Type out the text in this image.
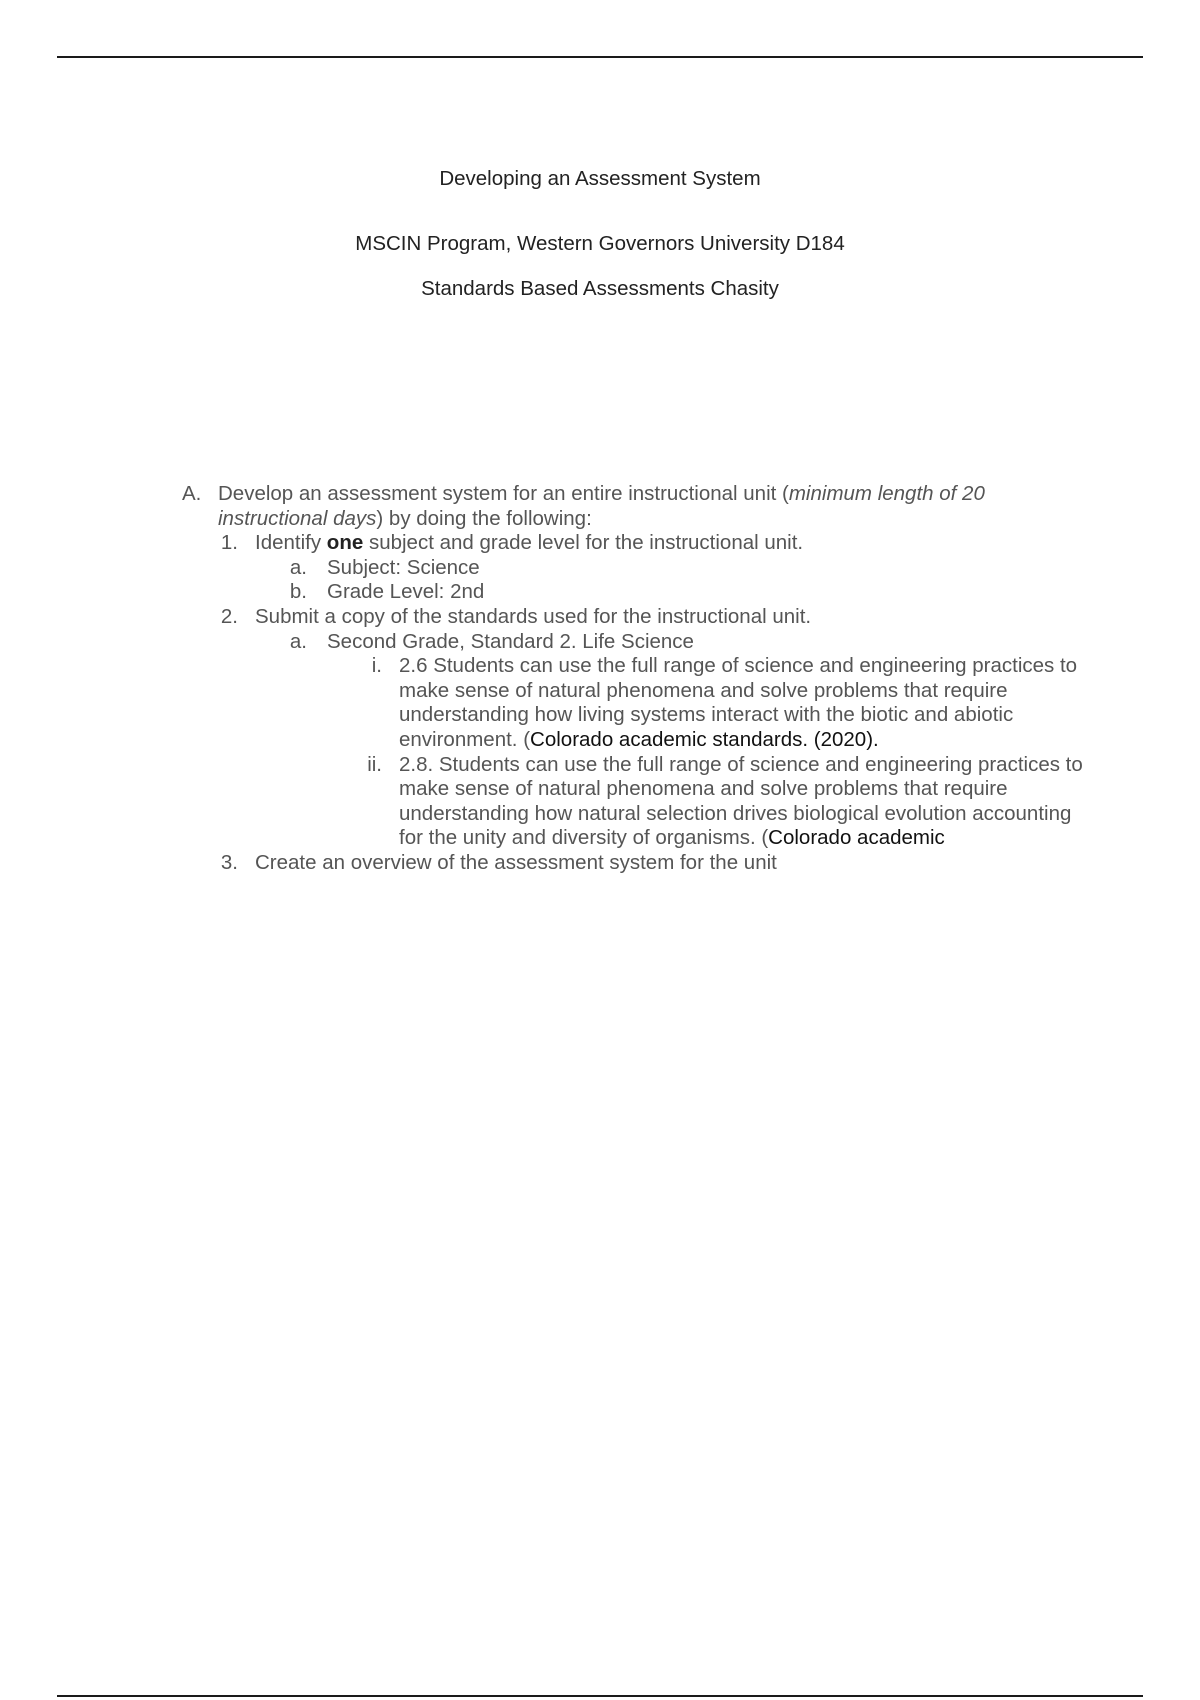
Developing an Assessment System
MSCIN Program, Western Governors University D184
Standards Based Assessments Chasity
A. Develop an assessment system for an entire instructional unit (minimum length of 20 instructional days) by doing the following:
1. Identify one subject and grade level for the instructional unit.
a. Subject: Science
b. Grade Level: 2nd
2. Submit a copy of the standards used for the instructional unit.
a. Second Grade, Standard 2. Life Science
i. 2.6 Students can use the full range of science and engineering practices to make sense of natural phenomena and solve problems that require understanding how living systems interact with the biotic and abiotic environment. (Colorado academic standards. (2020).
ii. 2.8. Students can use the full range of science and engineering practices to make sense of natural phenomena and solve problems that require understanding how natural selection drives biological evolution accounting for the unity and diversity of organisms. (Colorado academic
3. Create an overview of the assessment system for the unit
